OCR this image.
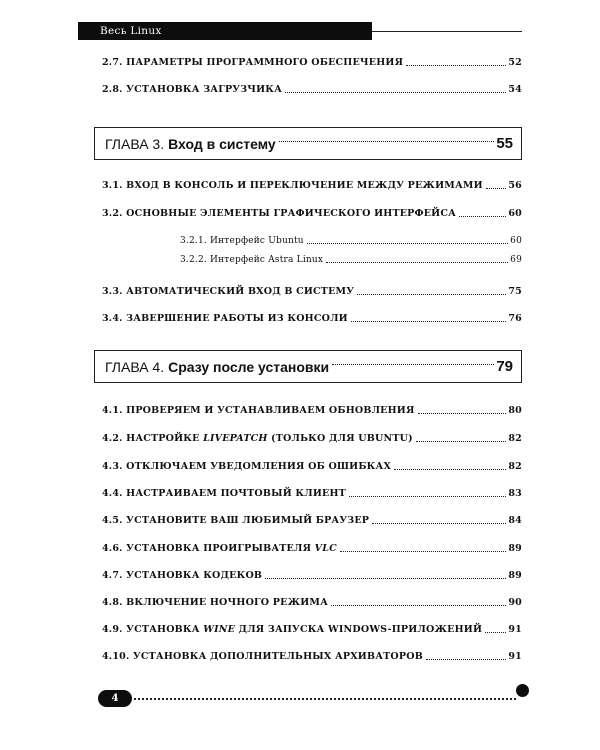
Весь Linux
2.7. ПАРАМЕТРЫ ПРОГРАММНОГО ОБЕСПЕЧЕНИЯ	52
2.8. УСТАНОВКА ЗАГРУЗЧИКА	54
ГЛАВА 3. Вход в систему	55
3.1. ВХОД В КОНСОЛЬ И ПЕРЕКЛЮЧЕНИЕ МЕЖДУ РЕЖИМАМИ	56
3.2. ОСНОВНЫЕ ЭЛЕМЕНТЫ ГРАФИЧЕСКОГО ИНТЕРФЕЙСА	60
3.2.1. Интерфейс Ubuntu	60
3.2.2. Интерфейс Astra Linux	69
3.3. АВТОМАТИЧЕСКИЙ ВХОД В СИСТЕМУ	75
3.4. ЗАВЕРШЕНИЕ РАБОТЫ ИЗ КОНСОЛИ	76
ГЛАВА 4. Сразу после установки	79
4.1. ПРОВЕРЯЕМ И УСТАНАВЛИВАЕМ ОБНОВЛЕНИЯ	80
4.2. НАСТРОЙКЕ LIVEPATCH (ТОЛЬКО ДЛЯ UBUNTU)	82
4.3. ОТКЛЮЧАЕМ УВЕДОМЛЕНИЯ ОБ ОШИБКАХ	82
4.4. НАСТРАИВАЕМ ПОЧТОВЫЙ КЛИЕНТ	83
4.5. УСТАНОВИТЕ ВАШ ЛЮБИМЫЙ БРАУЗЕР	84
4.6. УСТАНОВКА ПРОИГРЫВАТЕЛЯ VLC	89
4.7. УСТАНОВКА КОДЕКОВ	89
4.8. ВКЛЮЧЕНИЕ НОЧНОГО РЕЖИМА	90
4.9. УСТАНОВКА WINE ДЛЯ ЗАПУСКА WINDOWS-ПРИЛОЖЕНИЙ	91
4.10. УСТАНОВКА ДОПОЛНИТЕЛЬНЫХ АРХИВАТОРОВ	91
4
